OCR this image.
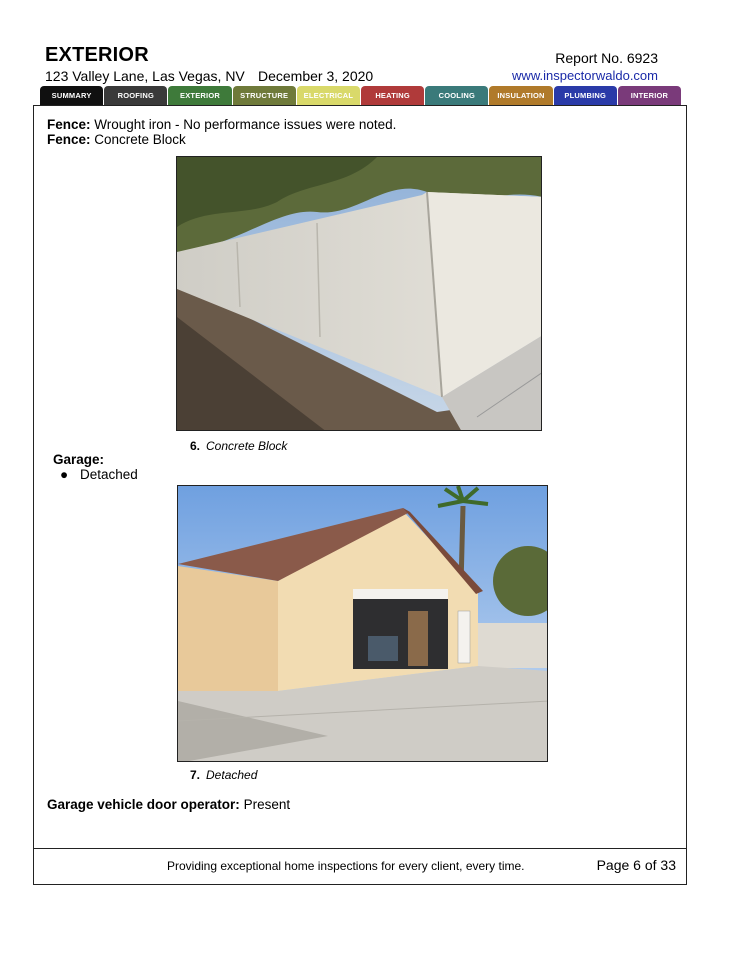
EXTERIOR	Report No. 6923
123 Valley Lane, Las Vegas, NV December 3, 2020	www.inspectorwaldo.com
SUMMARY	ROOFING	EXTERIOR	STRUCTURE	ELECTRICAL	HEATING	COOLING	INSULATION	PLUMBING	INTERIOR
Fence: Wrought iron - No performance issues were noted.
Fence: Concrete Block
6. Concrete Block
Garage:
● Detached
7. Detached
Garage vehicle door operator: Present
Providing exceptional home inspections for every client, every time.	Page 6 of 33
